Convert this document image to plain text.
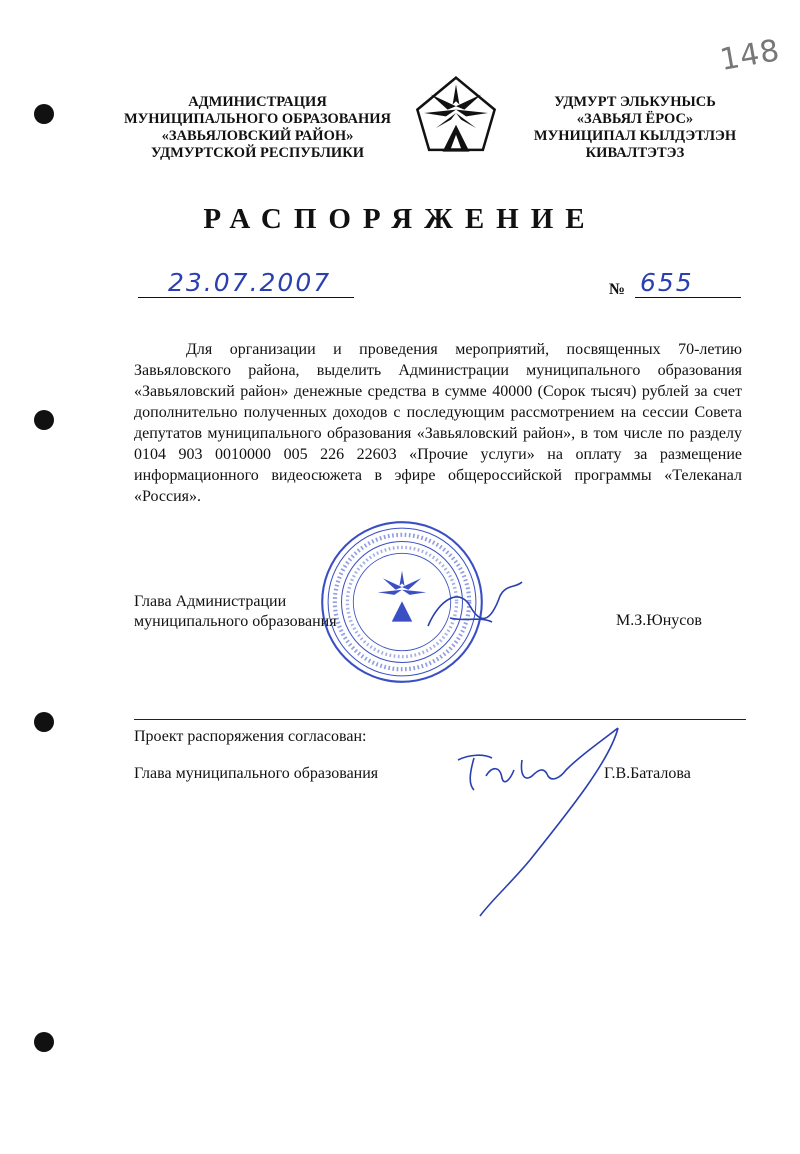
148
АДМИНИСТРАЦИЯ
МУНИЦИПАЛЬНОГО ОБРАЗОВАНИЯ
«ЗАВЬЯЛОВСКИЙ РАЙОН»
УДМУРТСКОЙ РЕСПУБЛИКИ
УДМУРТ ЭЛЬКУНЫСЬ
«ЗАВЬЯЛ ЁРОС»
МУНИЦИПАЛ КЫЛДЭТЛЭН
КИВАЛТЭТЭЗ
РАСПОРЯЖЕНИЕ
23.07.2007	№ 655
Для организации и проведения мероприятий, посвященных 70-летию Завьяловского района, выделить Администрации муниципального образования «Завьяловский район» денежные средства в сумме 40000 (Сорок тысяч) рублей за счет дополнительно полученных доходов с последующим рассмотрением на сессии Совета депутатов муниципального образования «Завьяловский район», в том числе по разделу 0104 903 0010000 005 226 22603 «Прочие услуги» на оплату за размещение информационного видеосюжета в эфире общероссийской программы «Телеканал «Россия».
Глава Администрации
муниципального образования	М.З.Юнусов
Проект распоряжения согласован:
Глава муниципального образования	Г.В.Баталова
